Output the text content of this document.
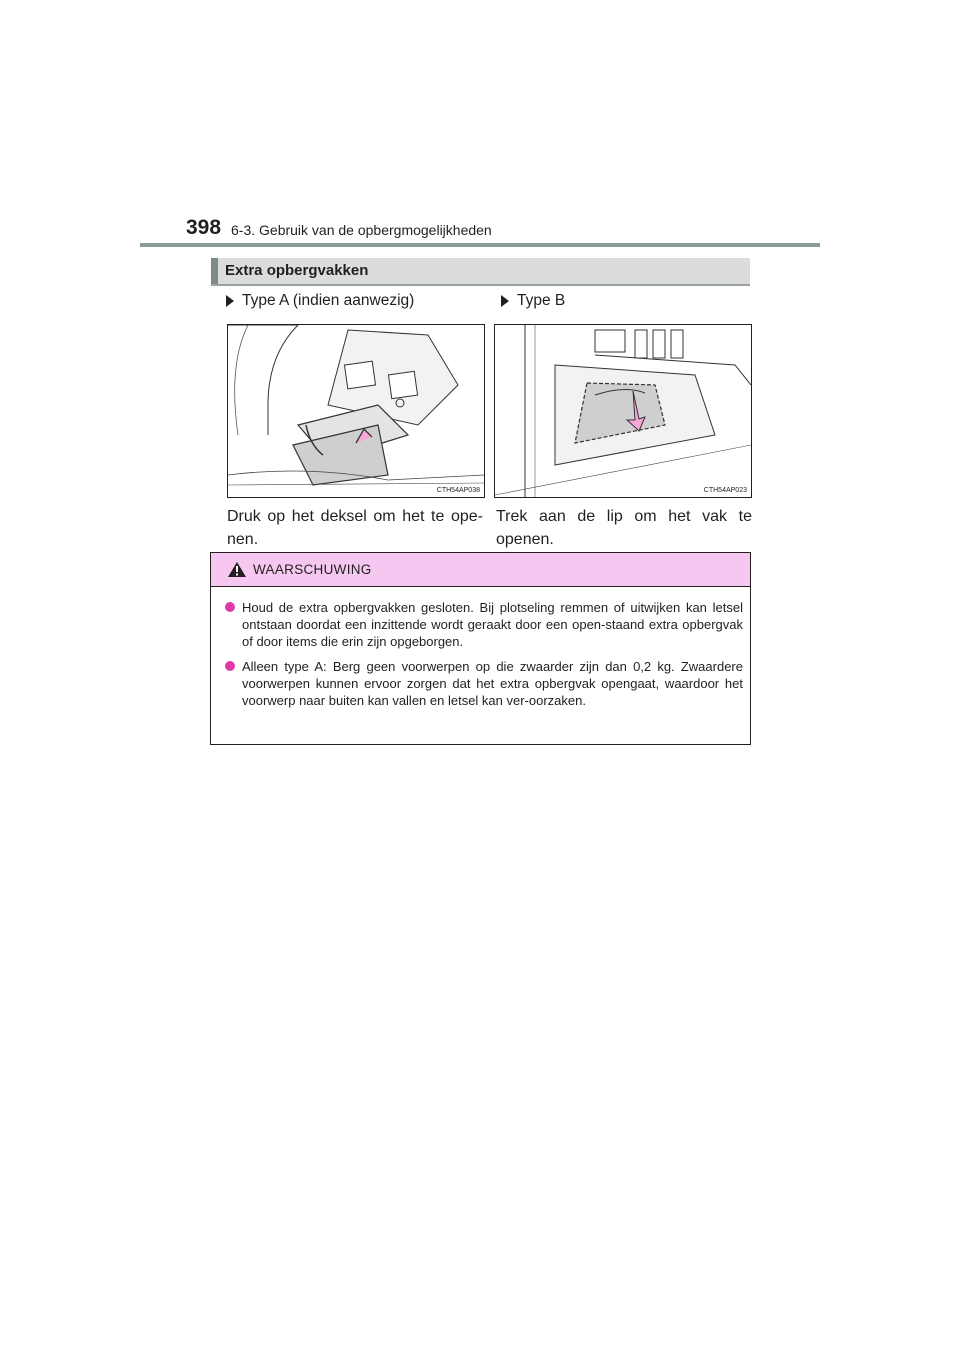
398 6-3. Gebruik van de opbergmogelijkheden
Extra opbergvakken
Type A (indien aanwezig)	Type B
CTH54AP038	CTH54AP023
Druk op het deksel om het te ope-nen.
Trek aan de lip om het vak te openen.
WAARSCHUWING
Houd de extra opbergvakken gesloten. Bij plotseling remmen of uitwijken kan letsel ontstaan doordat een inzittende wordt geraakt door een open-staand extra opbergvak of door items die erin zijn opgeborgen.
Alleen type A: Berg geen voorwerpen op die zwaarder zijn dan 0,2 kg. Zwaardere voorwerpen kunnen ervoor zorgen dat het extra opbergvak opengaat, waardoor het voorwerp naar buiten kan vallen en letsel kan ver-oorzaken.
